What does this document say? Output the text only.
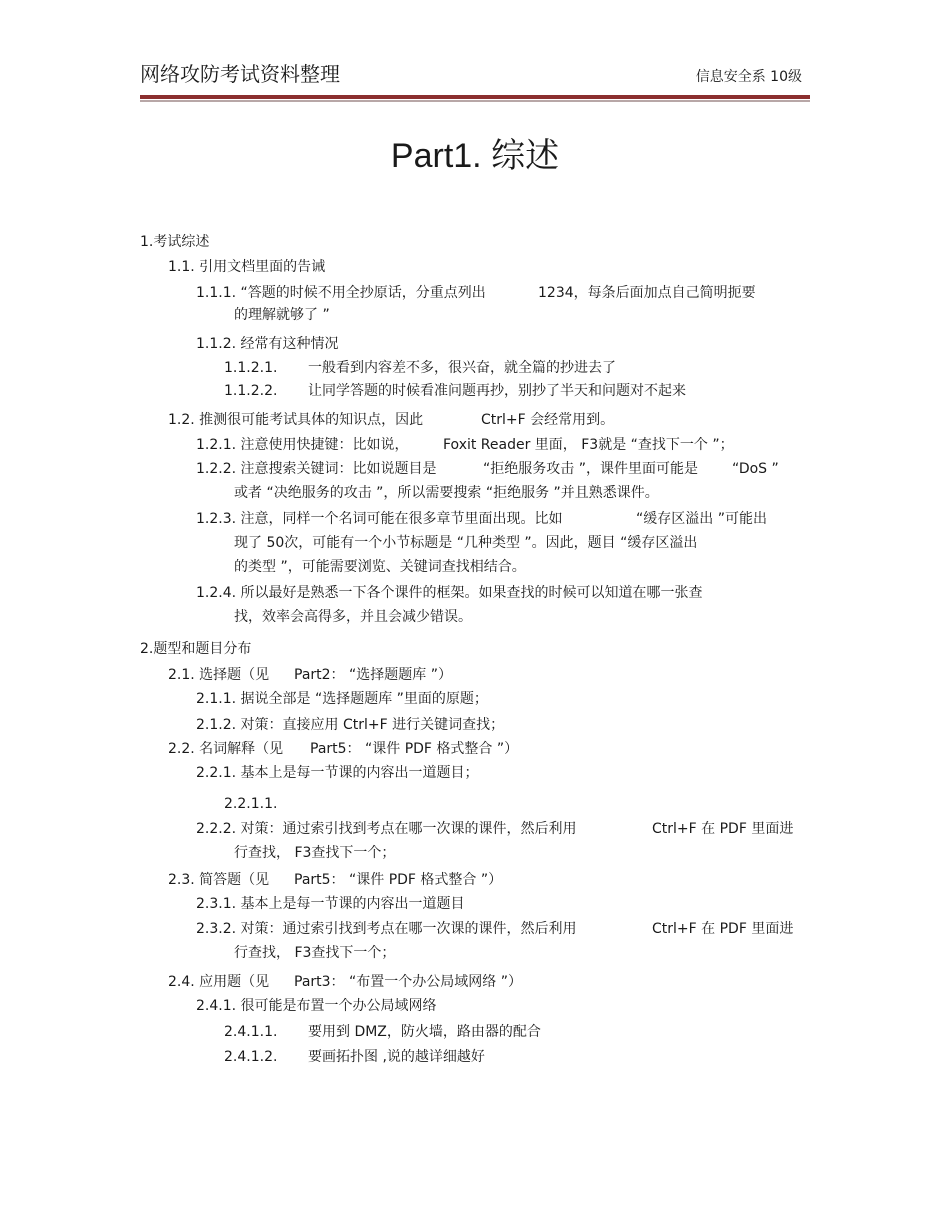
网络攻防考试资料整理	信息安全系 10级
Part1. 综述
1.考试综述
1.1. 引用文档里面的告诫
1.1.1. “答题的时候不用全抄原话，分重点列出	1234，每条后面加点自己简明扼要
的理解就够了 ”
1.1.2. 经常有这种情况
1.1.2.1. 一般看到内容差不多，很兴奋，就全篇的抄进去了
1.1.2.2. 让同学答题的时候看准问题再抄，别抄了半天和问题对不起来
1.2. 推测很可能考试具体的知识点，因此	Ctrl+F 会经常用到。
1.2.1. 注意使用快捷键：比如说， Foxit Reader 里面， F3就是 “查找下一个 ”；
1.2.2. 注意搜索关键词：比如说题目是	“拒绝服务攻击 ”，课件里面可能是 “DoS ”
或者 “决绝服务的攻击 ”，所以需要搜索 “拒绝服务 ”并且熟悉课件。
1.2.3. 注意，同样一个名词可能在很多章节里面出现。比如	“缓存区溢出 ”可能出
现了 50次，可能有一个小节标题是 “几种类型 ”。因此，题目 “缓存区溢出
的类型 ”，可能需要浏览、关键词查找相结合。
1.2.4. 所以最好是熟悉一下各个课件的框架。如果查找的时候可以知道在哪一张查
找，效率会高得多，并且会减少错误。
2.题型和题目分布
2.1. 选择题（见 Part2： “选择题题库 ”）
2.1.1. 据说全部是 “选择题题库 ”里面的原题；
2.1.2. 对策：直接应用 Ctrl+F 进行关键词查找；
2.2. 名词解释（见 Part5： “课件 PDF 格式整合 ”）
2.2.1. 基本上是每一节课的内容出一道题目；
2.2.1.1.
2.2.2. 对策：通过索引找到考点在哪一次课的课件，然后利用	Ctrl+F 在 PDF 里面进
行查找， F3查找下一个；
2.3. 简答题（见 Part5： “课件 PDF 格式整合 ”）
2.3.1. 基本上是每一节课的内容出一道题目
2.3.2. 对策：通过索引找到考点在哪一次课的课件，然后利用	Ctrl+F 在 PDF 里面进
行查找， F3查找下一个；
2.4. 应用题（见 Part3： “布置一个办公局域网络 ”）
2.4.1. 很可能是布置一个办公局域网络
2.4.1.1. 要用到 DMZ，防火墙，路由器的配合
2.4.1.2. 要画拓扑图 ,说的越详细越好
